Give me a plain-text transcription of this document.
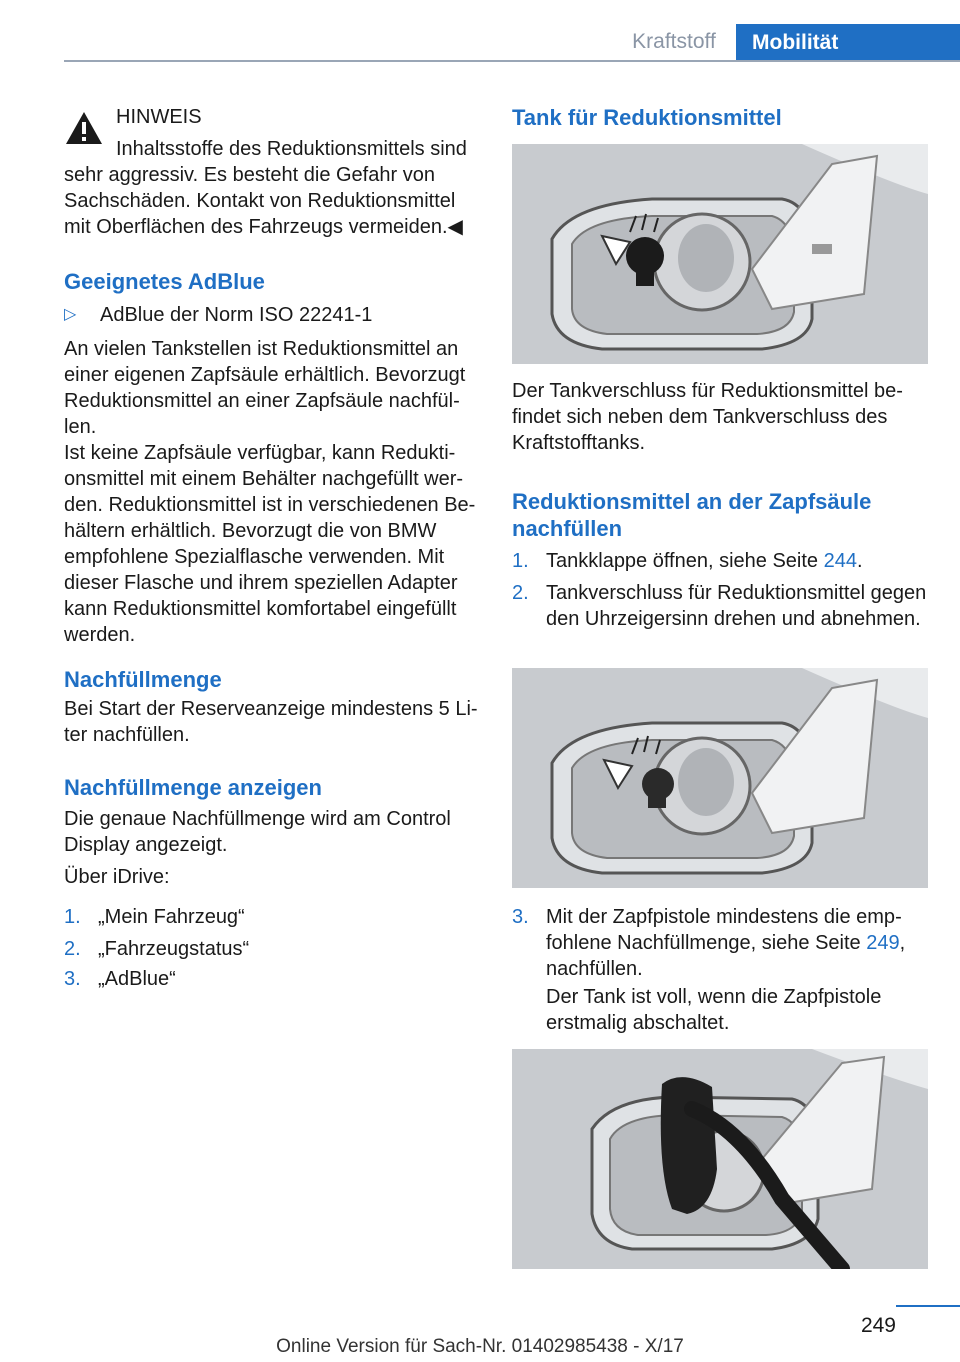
Kraftstoff	Mobilität
HINWEIS

Inhaltsstoffe des Reduktionsmittels sind

sehr aggressiv. Es besteht die Gefahr von Sachschäden. Kontakt von Reduktionsmittel mit Oberflächen des Fahrzeugs vermeiden.◀

Geeignetes AdBlue
▷ AdBlue der Norm ISO 22241‑1

An vielen Tankstellen ist Reduktionsmittel an einer eigenen Zapfsäule erhältlich. Bevorzugt Reduktionsmittel an einer Zapfsäule nachfüllen.

Ist keine Zapfsäule verfügbar, kann Reduktionsmittel mit einem Behälter nachgefüllt werden. Reduktionsmittel ist in verschiedenen Behältern erhältlich. Bevorzugt die von BMW empfohlene Spezialflasche verwenden. Mit dieser Flasche und ihrem speziellen Adapter kann Reduktionsmittel komfortabel eingefüllt werden.

Nachfüllmenge

Bei Start der Reserveanzeige mindestens 5 Liter nachfüllen.

Nachfüllmenge anzeigen

Die genaue Nachfüllmenge wird am Control Display angezeigt.

Über iDrive:

1. „Mein Fahrzeug“
2. „Fahrzeugstatus“
3. „AdBlue“
Tank für Reduktionsmittel

Der Tankverschluss für Reduktionsmittel befindet sich neben dem Tankverschluss des Kraftstofftanks.

Reduktionsmittel an der Zapfsäule nachfüllen
1. Tankklappe öffnen, siehe Seite 244.
2. Tankverschluss für Reduktionsmittel gegen den Uhrzeigersinn drehen und abnehmen.
3. Mit der Zapfpistole mindestens die empfohlene Nachfüllmenge, siehe Seite 249, nachfüllen.

Der Tank ist voll, wenn die Zapfpistole erstmalig abschaltet.

249
Online Version für Sach-Nr. 01402985438 - X/17
